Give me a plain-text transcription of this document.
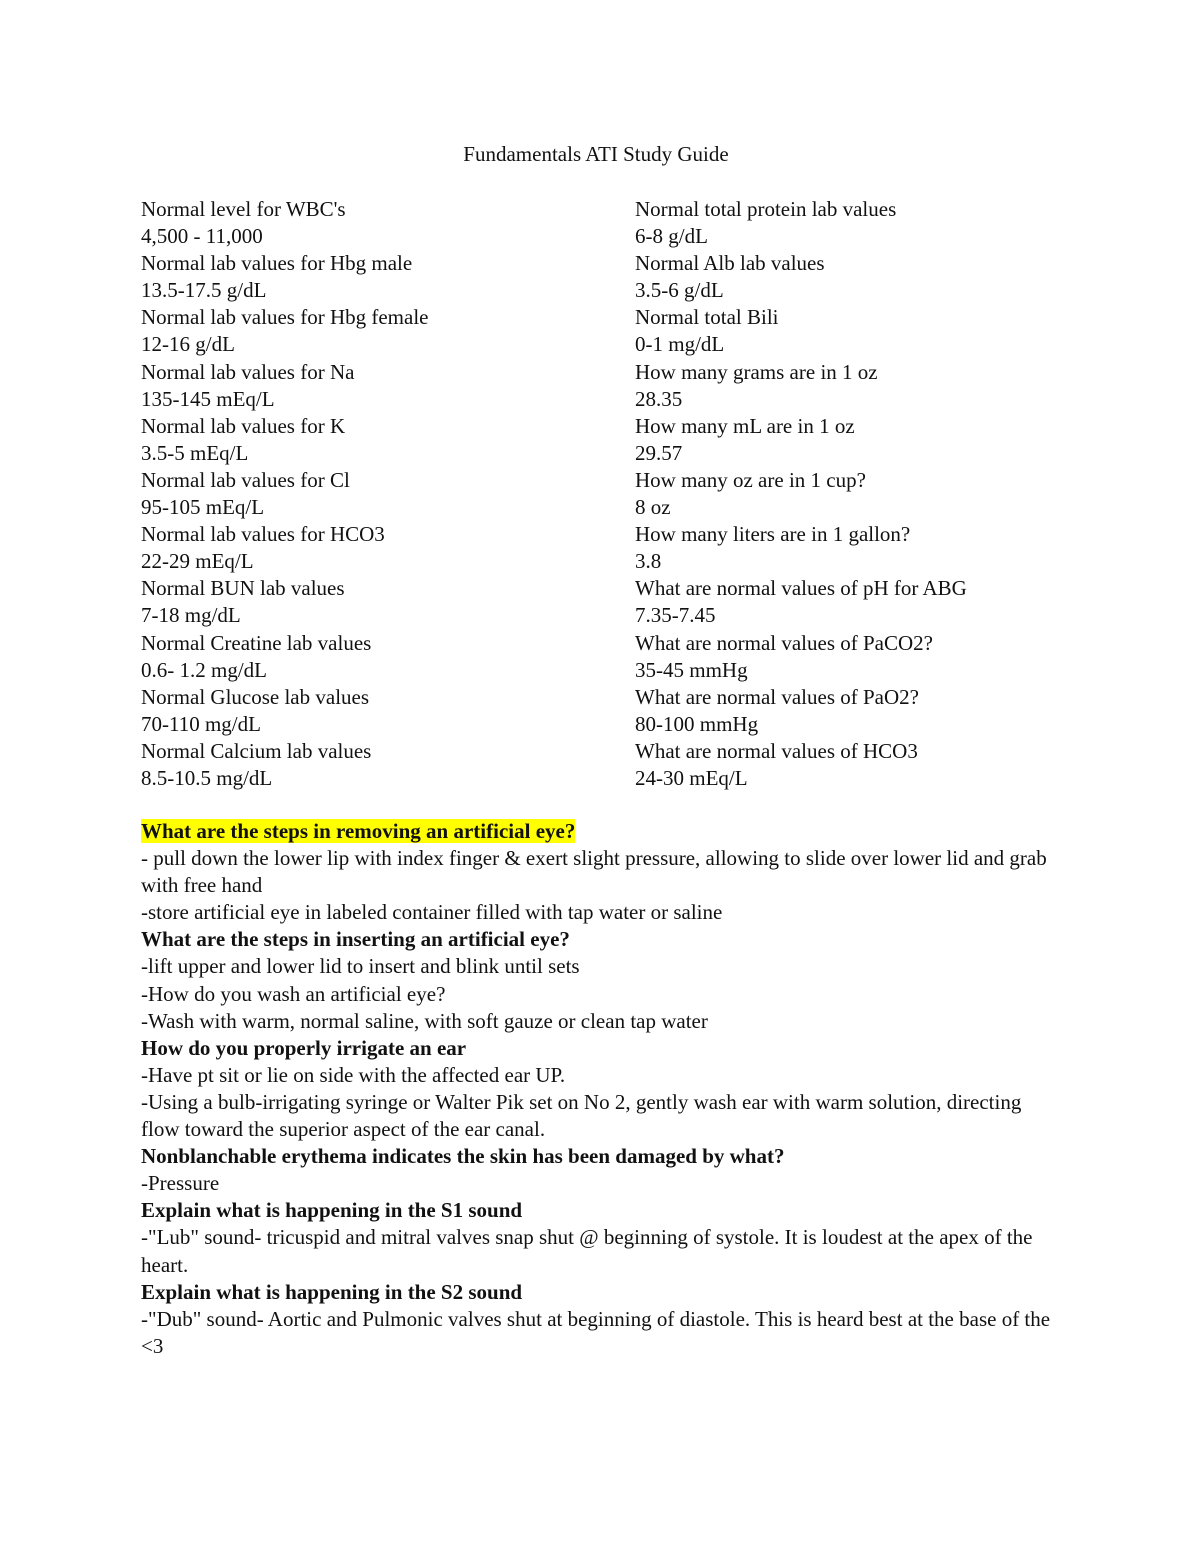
Fundamentals ATI Study Guide
Normal level for WBC's
4,500 - 11,000
Normal lab values for Hbg male
13.5-17.5 g/dL
Normal lab values for Hbg female
12-16 g/dL
Normal lab values for Na
135-145 mEq/L
Normal lab values for K
3.5-5 mEq/L
Normal lab values for Cl
95-105 mEq/L
Normal lab values for HCO3
22-29 mEq/L
Normal BUN lab values
7-18 mg/dL
Normal Creatine lab values
0.6- 1.2 mg/dL
Normal Glucose lab values
70-110 mg/dL
Normal Calcium lab values
8.5-10.5 mg/dL
Normal total protein lab values
6-8 g/dL
Normal Alb lab values
3.5-6 g/dL
Normal total Bili
0-1 mg/dL
How many grams are in 1 oz
28.35
How many mL are in 1 oz
29.57
How many oz are in 1 cup?
8 oz
How many liters are in 1 gallon?
3.8
What are normal values of pH for ABG
7.35-7.45
What are normal values of PaCO2?
35-45 mmHg
What are normal values of PaO2?
80-100 mmHg
What are normal values of HCO3
24-30 mEq/L
What are the steps in removing an artificial eye?
- pull down the lower lip with index finger & exert slight pressure, allowing to slide over lower lid and grab with free hand
-store artificial eye in labeled container filled with tap water or saline
What are the steps in inserting an artificial eye?
-lift upper and lower lid to insert and blink until sets
-How do you wash an artificial eye?
-Wash with warm, normal saline, with soft gauze or clean tap water
How do you properly irrigate an ear
-Have pt sit or lie on side with the affected ear UP.
-Using a bulb-irrigating syringe or Walter Pik set on No 2, gently wash ear with warm solution, directing flow toward the superior aspect of the ear canal.
Nonblanchable erythema indicates the skin has been damaged by what?
-Pressure
Explain what is happening in the S1 sound
-"Lub" sound- tricuspid and mitral valves snap shut @ beginning of systole. It is loudest at the apex of the heart.
Explain what is happening in the S2 sound
-"Dub" sound- Aortic and Pulmonic valves shut at beginning of diastole. This is heard best at the base of the <3
